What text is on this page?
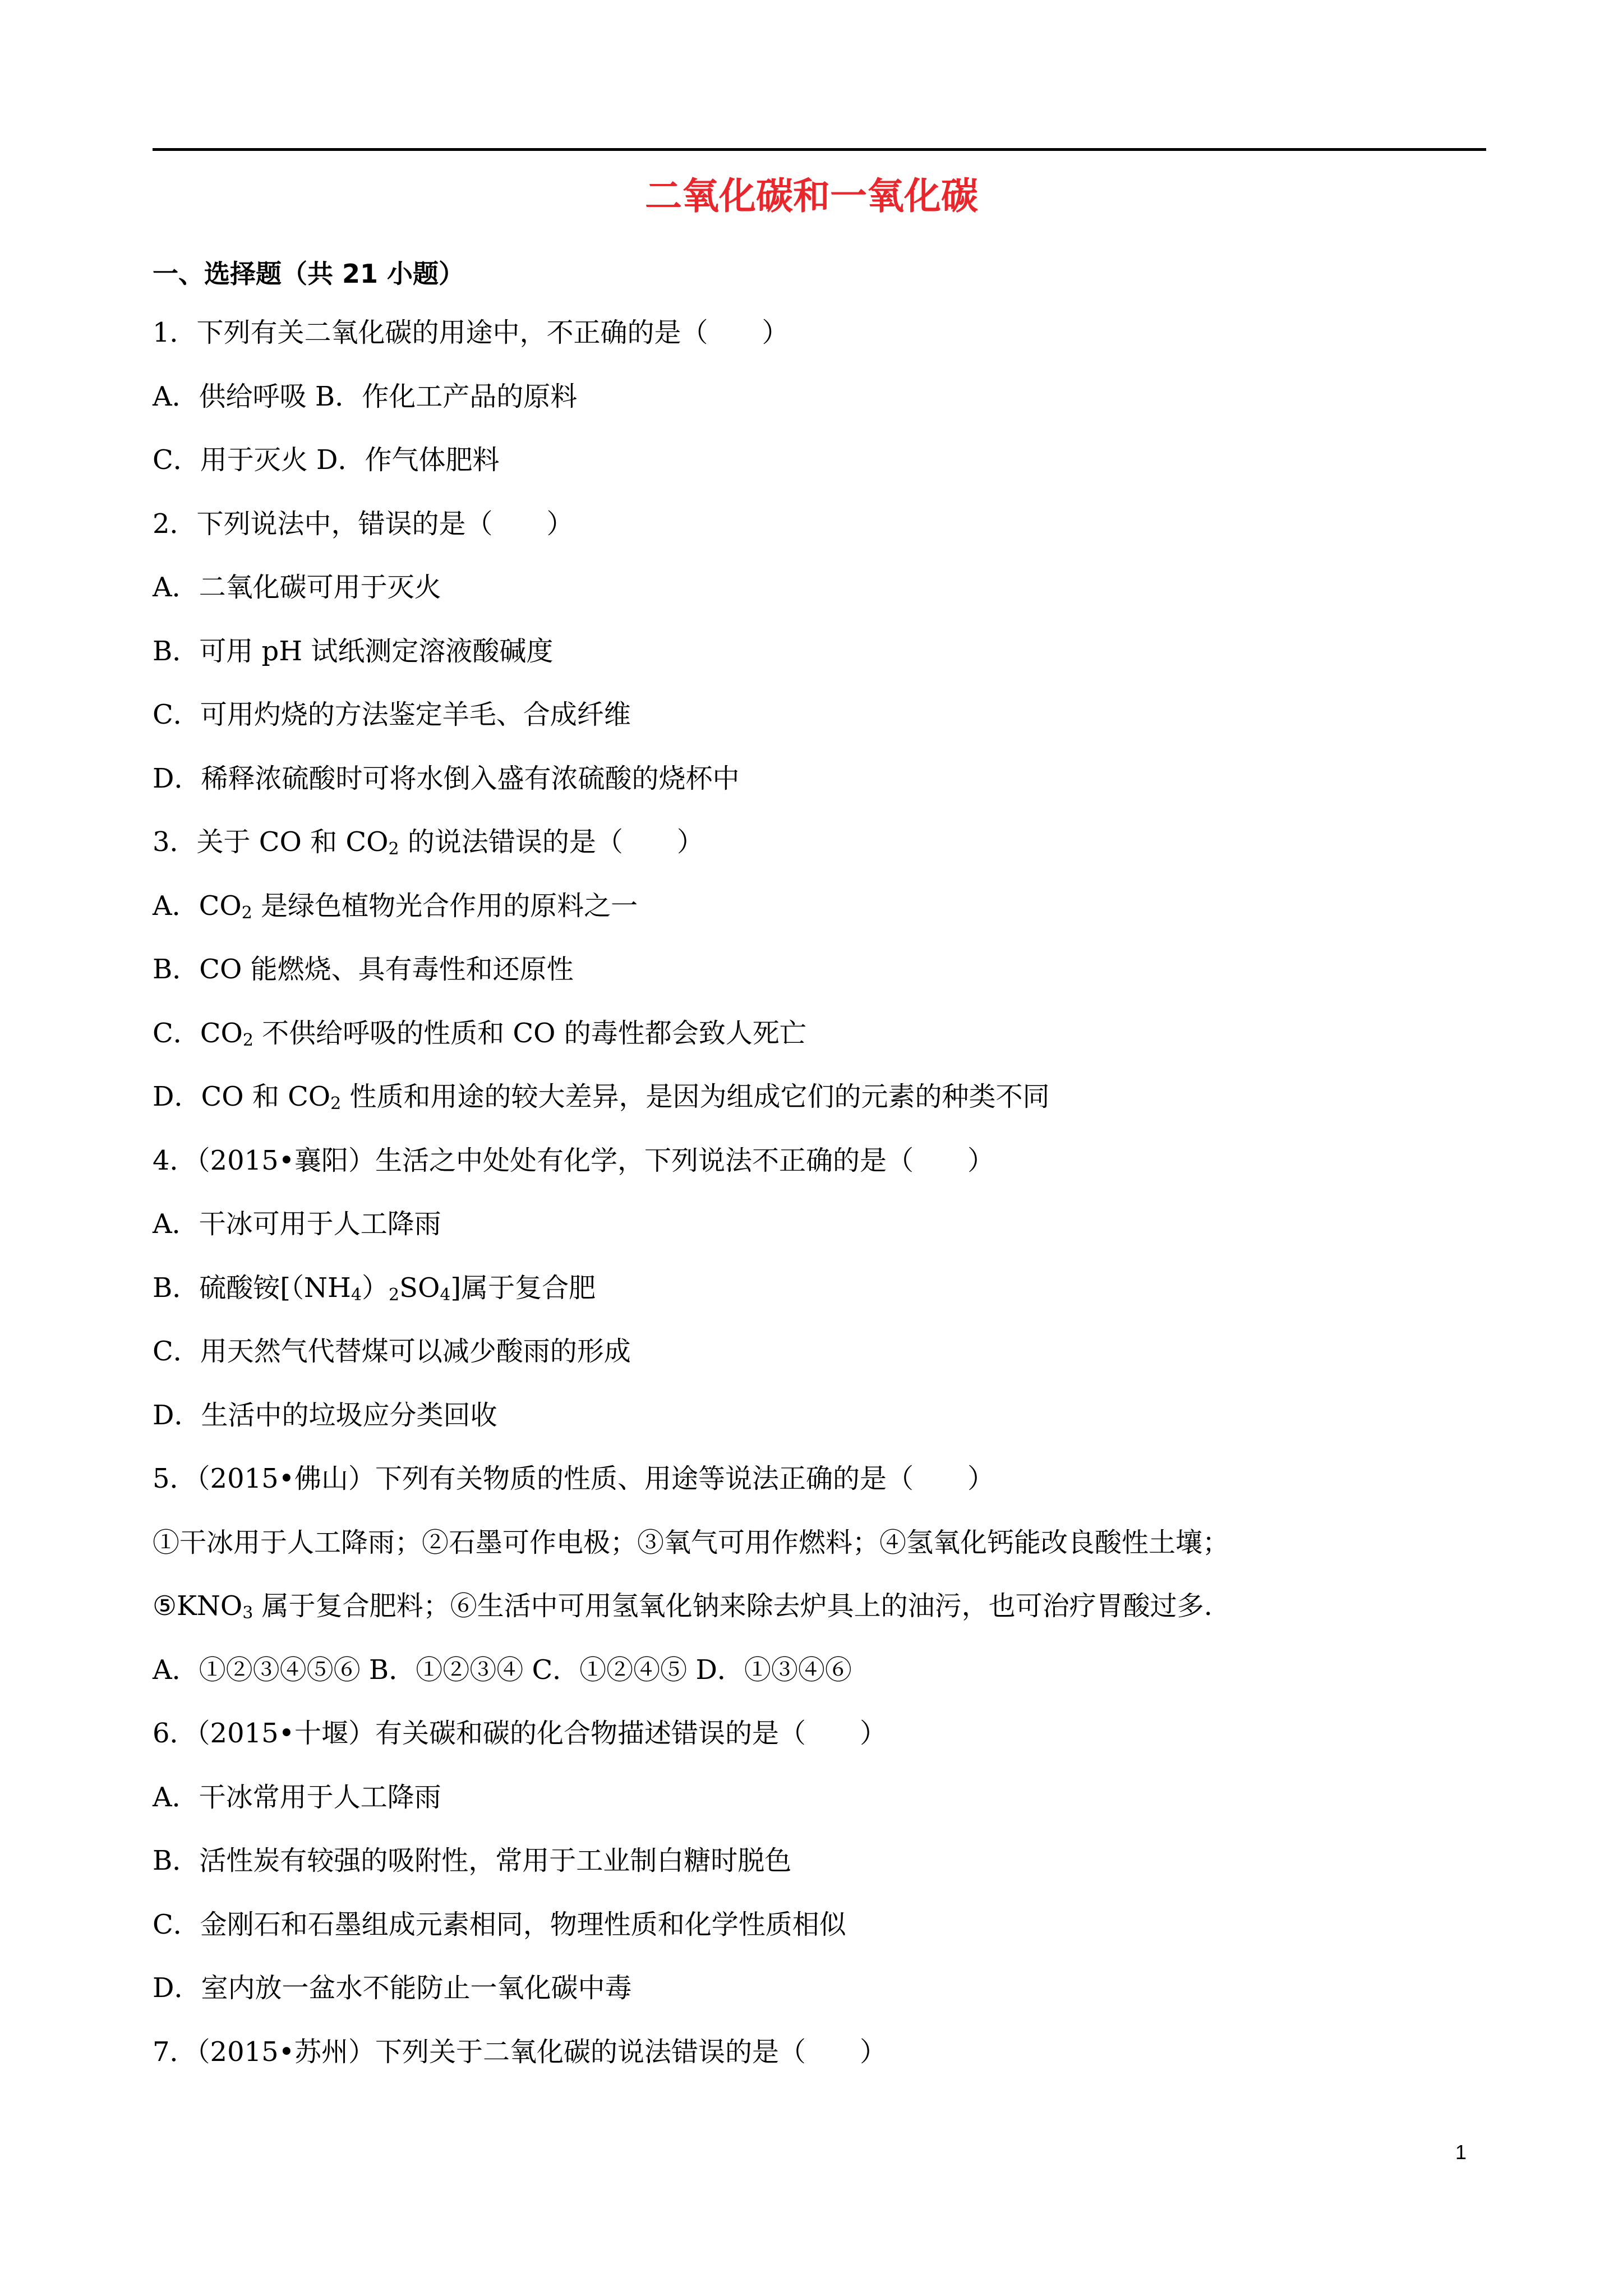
二氧化碳和一氧化碳
一、选择题（共 21 小题）
1．下列有关二氧化碳的用途中，不正确的是（　　）
A．供给呼吸 B．作化工产品的原料
C．用于灭火 D．作气体肥料
2．下列说法中，错误的是（　　）
A．二氧化碳可用于灭火
B．可用 pH 试纸测定溶液酸碱度
C．可用灼烧的方法鉴定羊毛、合成纤维
D．稀释浓硫酸时可将水倒入盛有浓硫酸的烧杯中
3．关于 CO 和 $CO_2$ 的说法错误的是（　　）
A．$CO_2$ 是绿色植物光合作用的原料之一
B．CO 能燃烧、具有毒性和还原性
C．$CO_2$ 不供给呼吸的性质和 CO 的毒性都会致人死亡
D．CO 和 $CO_2$ 性质和用途的较大差异，是因为组成它们的元素的种类不同
4．（2015•襄阳）生活之中处处有化学，下列说法不正确的是（　　）
A．干冰可用于人工降雨
B．硫酸铵$[(NH_4)_2SO_4]$属于复合肥
C．用天然气代替煤可以减少酸雨的形成
D．生活中的垃圾应分类回收
5．（2015•佛山）下列有关物质的性质、用途等说法正确的是（　　）
①干冰用于人工降雨；②石墨可作电极；③氧气可用作燃料；④氢氧化钙能改良酸性土壤；
$⑤KNO_3$ 属于复合肥料；⑥生活中可用氢氧化钠来除去炉具上的油污，也可治疗胃酸过多.
A．①②③④⑤⑥ B．①②③④ C．①②④⑤ D．①③④⑥
6．（2015•十堰）有关碳和碳的化合物描述错误的是（　　）
A．干冰常用于人工降雨
B．活性炭有较强的吸附性，常用于工业制白糖时脱色
C．金刚石和石墨组成元素相同，物理性质和化学性质相似
D．室内放一盆水不能防止一氧化碳中毒
7．（2015•苏州）下列关于二氧化碳的说法错误的是（　　）
1
